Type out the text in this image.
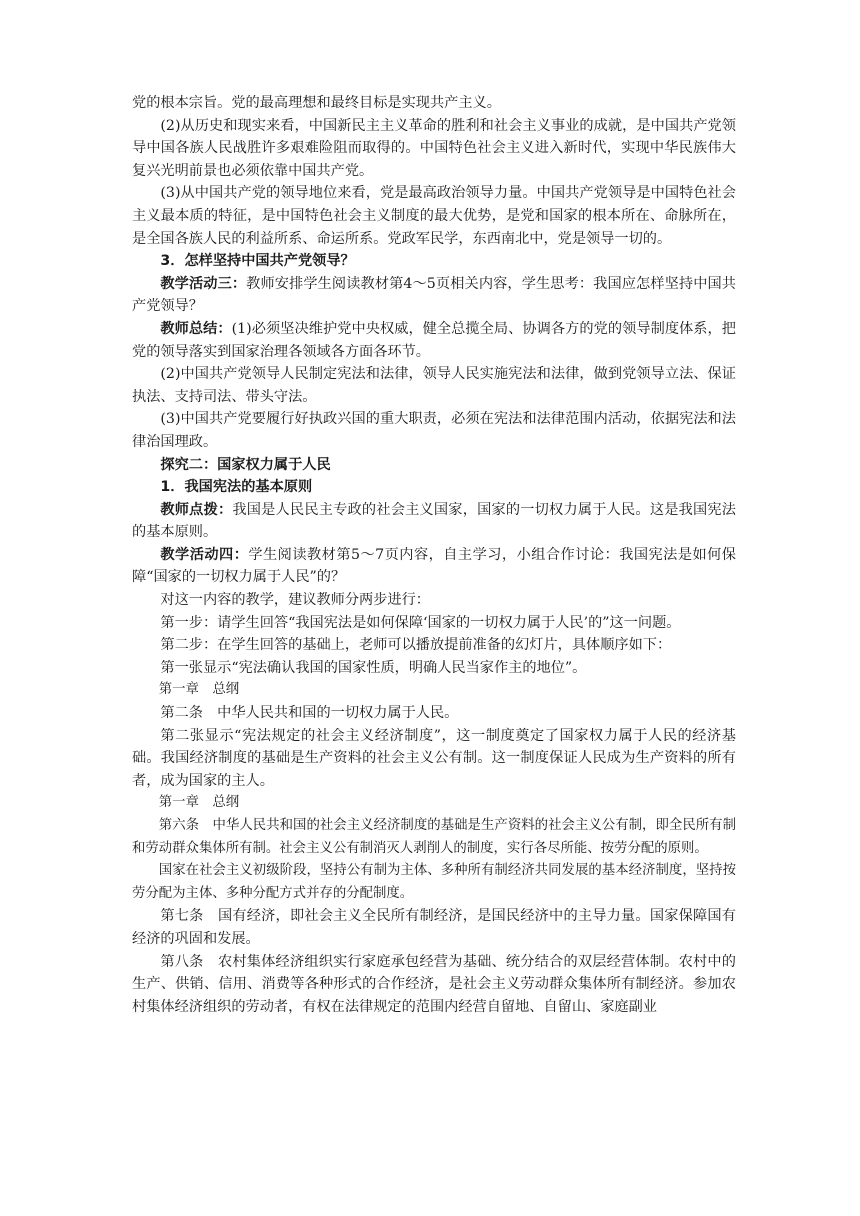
党的根本宗旨。党的最高理想和最终目标是实现共产主义。

(2)从历史和现实来看，中国新民主主义革命的胜利和社会主义事业的成就，是中国共产党领导中国各族人民战胜许多艰难险阻而取得的。中国特色社会主义进入新时代，实现中华民族伟大复兴光明前景也必须依靠中国共产党。

(3)从中国共产党的领导地位来看，党是最高政治领导力量。中国共产党领导是中国特色社会主义最本质的特征，是中国特色社会主义制度的最大优势，是党和国家的根本所在、命脉所在，是全国各族人民的利益所系、命运所系。党政军民学，东西南北中，党是领导一切的。

3．怎样坚持中国共产党领导？

教学活动三：教师安排学生阅读教材第4～5页相关内容，学生思考：我国应怎样坚持中国共产党领导？

教师总结：(1)必须坚决维护党中央权威，健全总揽全局、协调各方的党的领导制度体系，把党的领导落实到国家治理各领域各方面各环节。

(2)中国共产党领导人民制定宪法和法律，领导人民实施宪法和法律，做到党领导立法、保证执法、支持司法、带头守法。

(3)中国共产党要履行好执政兴国的重大职责，必须在宪法和法律范围内活动，依据宪法和法律治国理政。

探究二：国家权力属于人民

1．我国宪法的基本原则

教师点拨：我国是人民民主专政的社会主义国家，国家的一切权力属于人民。这是我国宪法的基本原则。

教学活动四：学生阅读教材第5～7页内容，自主学习，小组合作讨论：我国宪法是如何保障“国家的一切权力属于人民”的？

对这一内容的教学，建议教师分两步进行：

第一步：请学生回答“我国宪法是如何保障‘国家的一切权力属于人民’的”这一问题。

第二步：在学生回答的基础上，老师可以播放提前准备的幻灯片，具体顺序如下：

第一张显示“宪法确认我国的国家性质，明确人民当家作主的地位”。

第一章　总纲

第二条　中华人民共和国的一切权力属于人民。

第二张显示“宪法规定的社会主义经济制度”，这一制度奠定了国家权力属于人民的经济基础。我国经济制度的基础是生产资料的社会主义公有制。这一制度保证人民成为生产资料的所有者，成为国家的主人。

第一章　总纲

第六条　中华人民共和国的社会主义经济制度的基础是生产资料的社会主义公有制，即全民所有制和劳动群众集体所有制。社会主义公有制消灭人剥削人的制度，实行各尽所能、按劳分配的原则。

国家在社会主义初级阶段，坚持公有制为主体、多种所有制经济共同发展的基本经济制度，坚持按劳分配为主体、多种分配方式并存的分配制度。

第七条　国有经济，即社会主义全民所有制经济，是国民经济中的主导力量。国家保障国有经济的巩固和发展。

第八条　农村集体经济组织实行家庭承包经营为基础、统分结合的双层经营体制。农村中的生产、供销、信用、消费等各种形式的合作经济，是社会主义劳动群众集体所有制经济。参加农村集体经济组织的劳动者，有权在法律规定的范围内经营自留地、自留山、家庭副业
